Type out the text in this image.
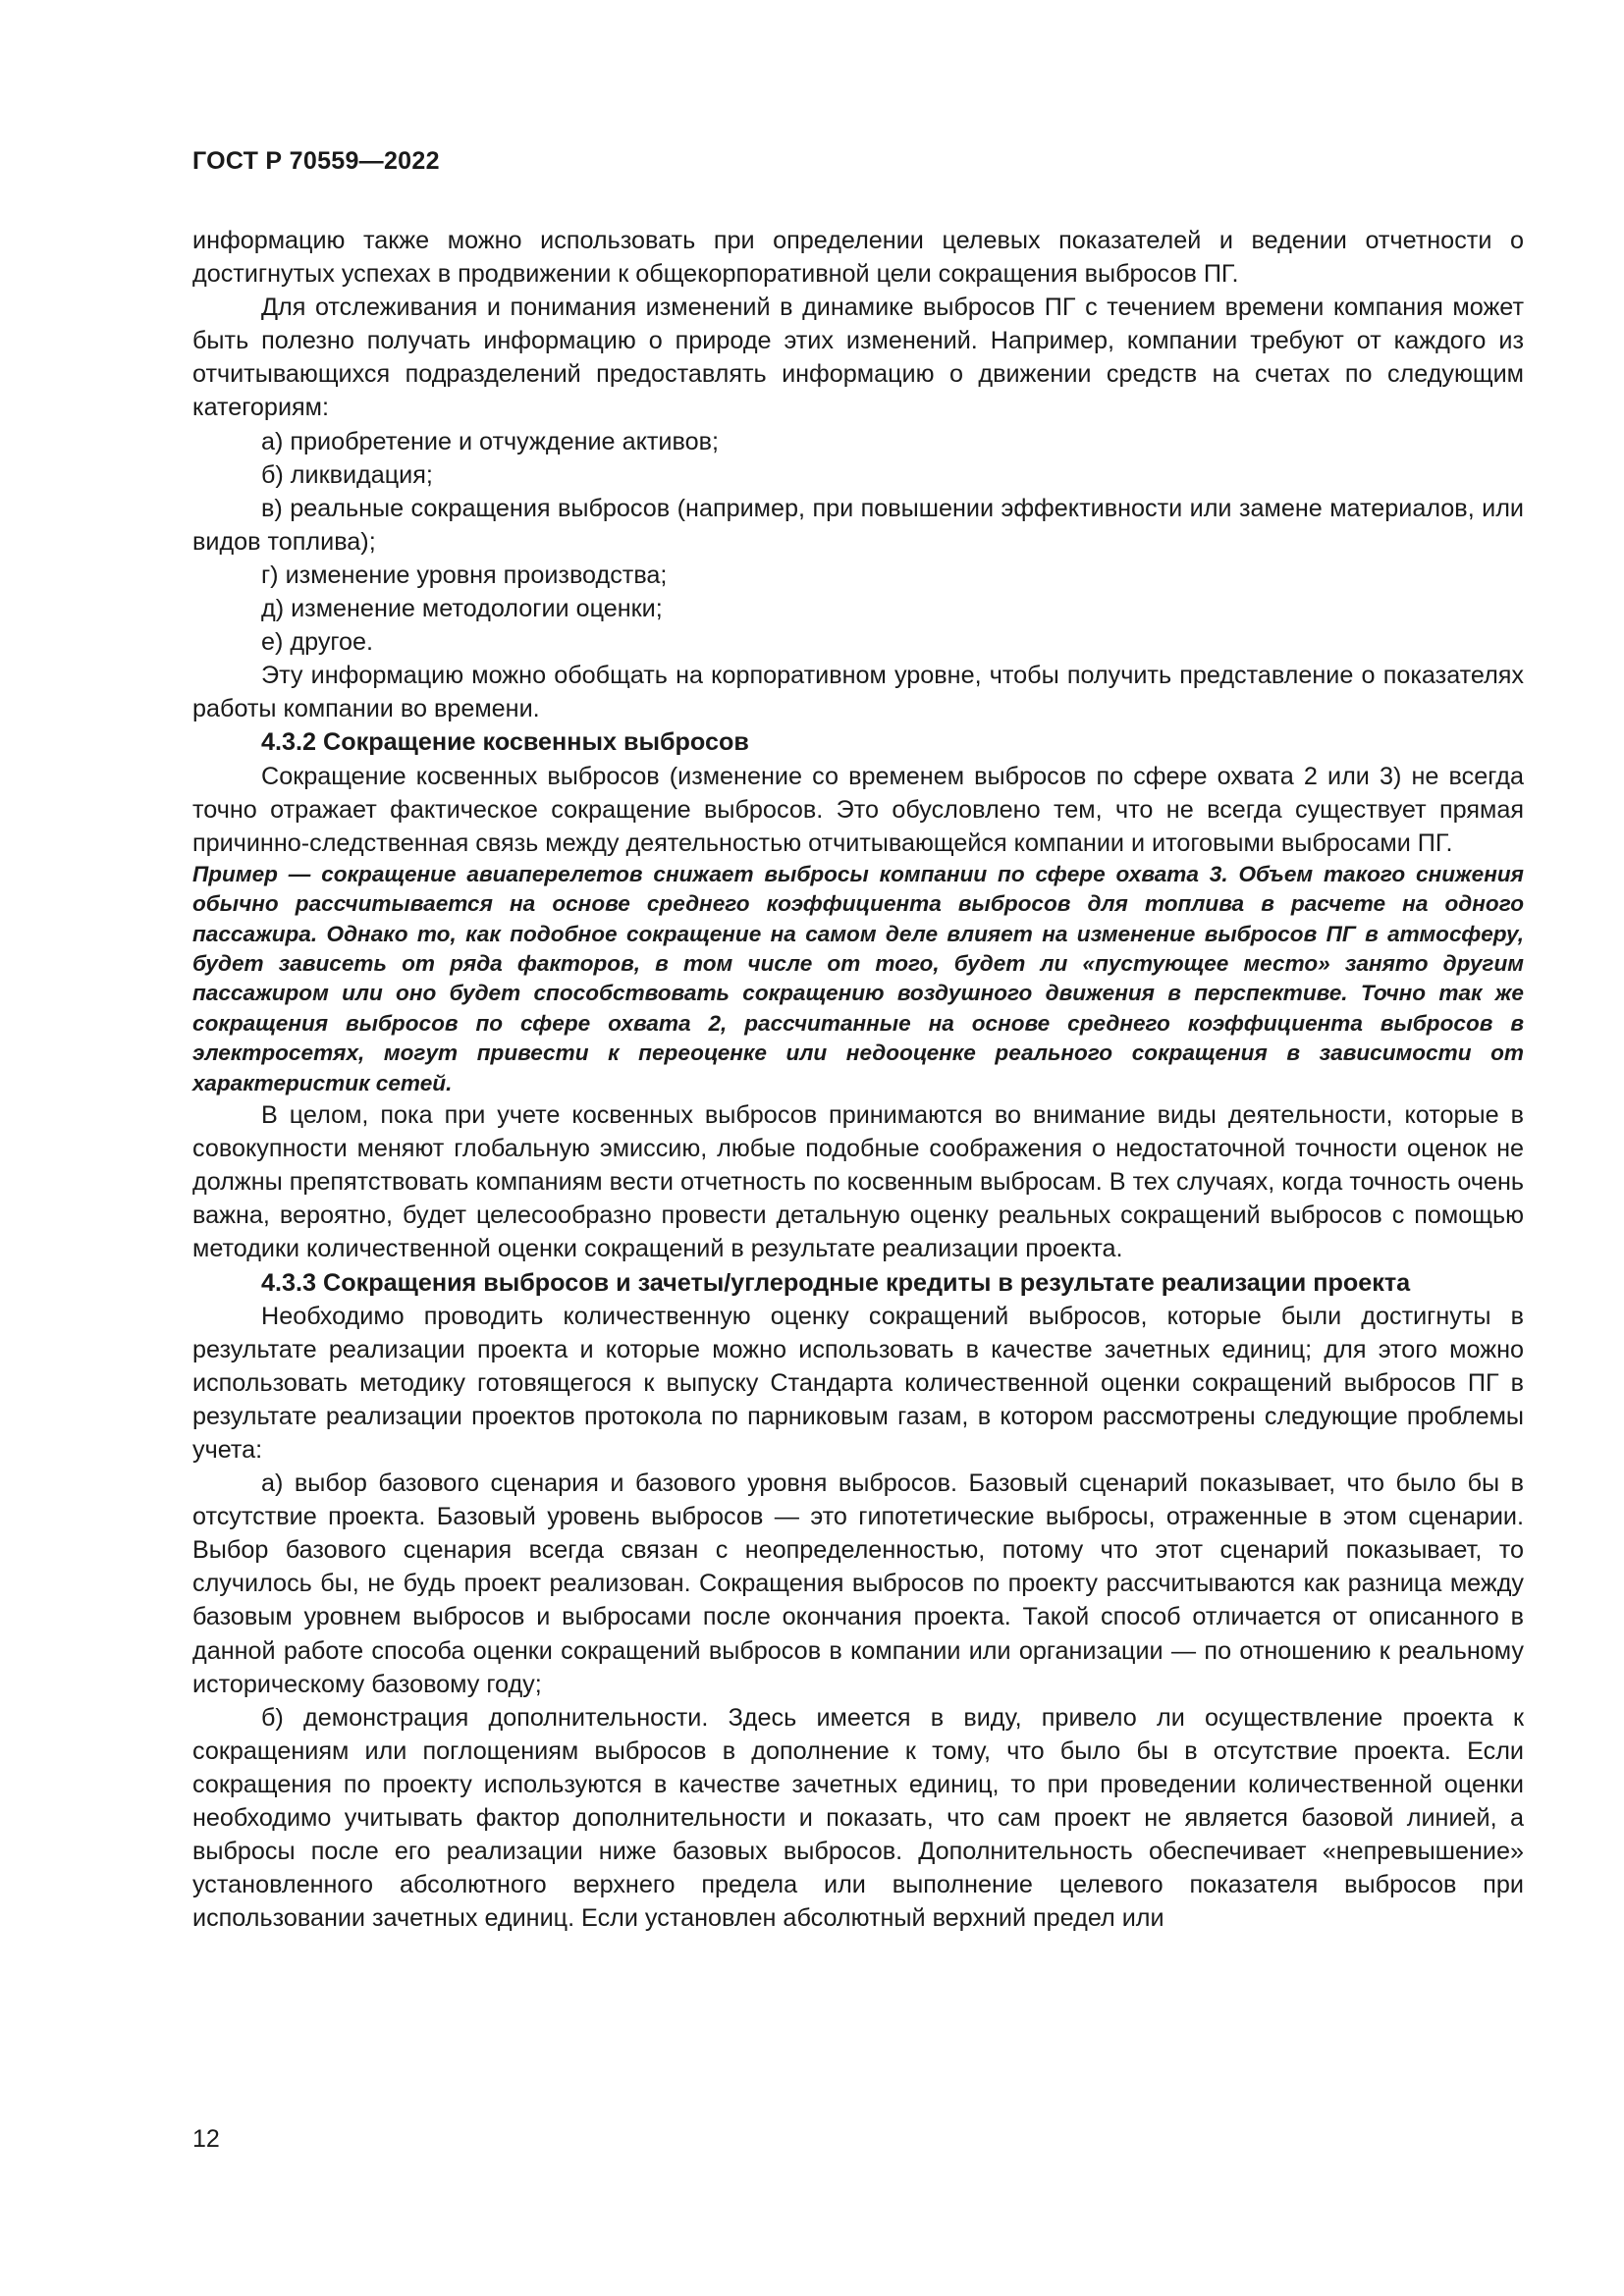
ГОСТ Р 70559—2022

информацию также можно использовать при определении целевых показателей и ведении отчетности о достигнутых успехах в продвижении к общекорпоративной цели сокращения выбросов ПГ.

Для отслеживания и понимания изменений в динамике выбросов ПГ с течением времени компания может быть полезно получать информацию о природе этих изменений. Например, компании требуют от каждого из отчитывающихся подразделений предоставлять информацию о движении средств на счетах по следующим категориям:

а) приобретение и отчуждение активов;

б) ликвидация;

в) реальные сокращения выбросов (например, при повышении эффективности или замене материалов, или видов топлива);

г) изменение уровня производства;

д) изменение методологии оценки;

е) другое.

Эту информацию можно обобщать на корпоративном уровне, чтобы получить представление о показателях работы компании во времени.

4.3.2 Сокращение косвенных выбросов

Сокращение косвенных выбросов (изменение со временем выбросов по сфере охвата 2 или 3) не всегда точно отражает фактическое сокращение выбросов. Это обусловлено тем, что не всегда существует прямая причинно-следственная связь между деятельностью отчитывающейся компании и итоговыми выбросами ПГ.

Пример — сокращение авиаперелетов снижает выбросы компании по сфере охвата 3. Объем такого снижения обычно рассчитывается на основе среднего коэффициента выбросов для топлива в расчете на одного пассажира. Однако то, как подобное сокращение на самом деле влияет на изменение выбросов ПГ в атмосферу, будет зависеть от ряда факторов, в том числе от того, будет ли «пустующее место» занято другим пассажиром или оно будет способствовать сокращению воздушного движения в перспективе. Точно так же сокращения выбросов по сфере охвата 2, рассчитанные на основе среднего коэффициента выбросов в электросетях, могут привести к переоценке или недооценке реального сокращения в зависимости от характеристик сетей.

В целом, пока при учете косвенных выбросов принимаются во внимание виды деятельности, которые в совокупности меняют глобальную эмиссию, любые подобные соображения о недостаточной точности оценок не должны препятствовать компаниям вести отчетность по косвенным выбросам. В тех случаях, когда точность очень важна, вероятно, будет целесообразно провести детальную оценку реальных сокращений выбросов с помощью методики количественной оценки сокращений в результате реализации проекта.

4.3.3 Сокращения выбросов и зачеты/углеродные кредиты в результате реализации проекта

Необходимо проводить количественную оценку сокращений выбросов, которые были достигнуты в результате реализации проекта и которые можно использовать в качестве зачетных единиц; для этого можно использовать методику готовящегося к выпуску Стандарта количественной оценки сокращений выбросов ПГ в результате реализации проектов протокола по парниковым газам, в котором рассмотрены следующие проблемы учета:

а) выбор базового сценария и базового уровня выбросов. Базовый сценарий показывает, что было бы в отсутствие проекта. Базовый уровень выбросов — это гипотетические выбросы, отраженные в этом сценарии. Выбор базового сценария всегда связан с неопределенностью, потому что этот сценарий показывает, то случилось бы, не будь проект реализован. Сокращения выбросов по проекту рассчитываются как разница между базовым уровнем выбросов и выбросами после окончания проекта. Такой способ отличается от описанного в данной работе способа оценки сокращений выбросов в компании или организации — по отношению к реальному историческому базовому году;

б) демонстрация дополнительности. Здесь имеется в виду, привело ли осуществление проекта к сокращениям или поглощениям выбросов в дополнение к тому, что было бы в отсутствие проекта. Если сокращения по проекту используются в качестве зачетных единиц, то при проведении количественной оценки необходимо учитывать фактор дополнительности и показать, что сам проект не является базовой линией, а выбросы после его реализации ниже базовых выбросов. Дополнительность обеспечивает «непревышение» установленного абсолютного верхнего предела или выполнение целевого показателя выбросов при использовании зачетных единиц. Если установлен абсолютный верхний предел или

12
